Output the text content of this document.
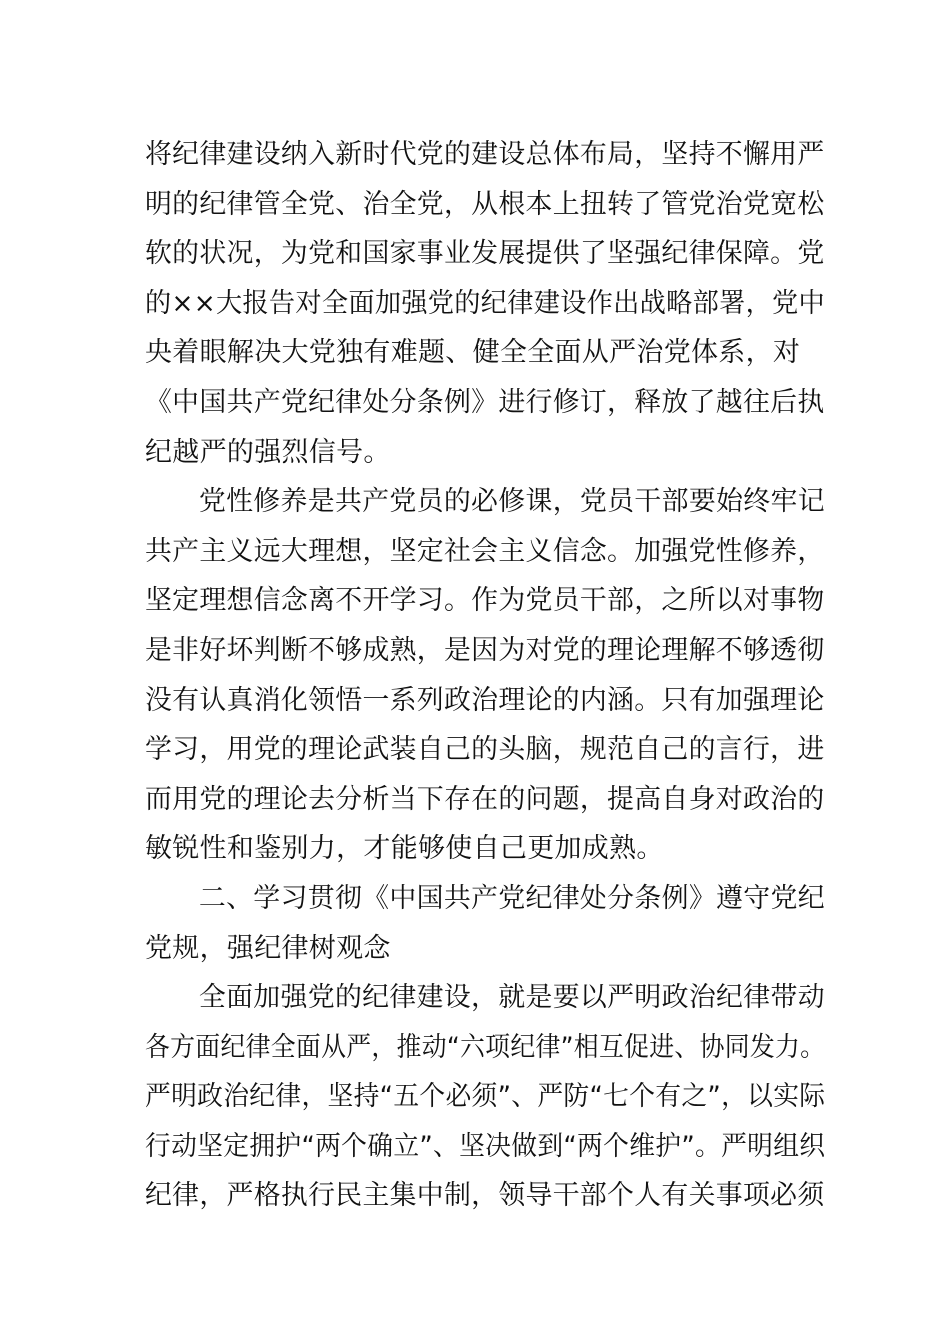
将纪律建设纳入新时代党的建设总体布局，坚持不懈用严
明的纪律管全党、治全党，从根本上扭转了管党治党宽松
软的状况，为党和国家事业发展提供了坚强纪律保障。党
的××大报告对全面加强党的纪律建设作出战略部署，党中
央着眼解决大党独有难题、健全全面从严治党体系，对
《中国共产党纪律处分条例》进行修订，释放了越往后执
纪越严的强烈信号。
党性修养是共产党员的必修课，党员干部要始终牢记
共产主义远大理想，坚定社会主义信念。加强党性修养，
坚定理想信念离不开学习。作为党员干部，之所以对事物
是非好坏判断不够成熟，是因为对党的理论理解不够透彻
没有认真消化领悟一系列政治理论的内涵。只有加强理论
学习，用党的理论武装自己的头脑，规范自己的言行，进
而用党的理论去分析当下存在的问题，提高自身对政治的
敏锐性和鉴别力，才能够使自己更加成熟。
二、学习贯彻《中国共产党纪律处分条例》遵守党纪
党规，强纪律树观念
全面加强党的纪律建设，就是要以严明政治纪律带动
各方面纪律全面从严，推动“六项纪律”相互促进、协同发力。
严明政治纪律，坚持“五个必须”、严防“七个有之”，以实际
行动坚定拥护“两个确立”、坚决做到“两个维护”。严明组织
纪律，严格执行民主集中制，领导干部个人有关事项必须
